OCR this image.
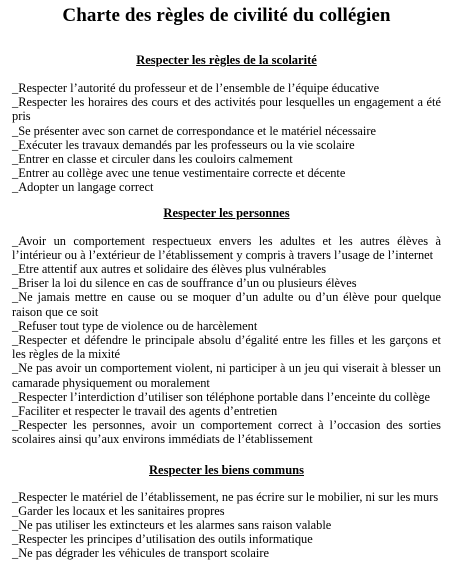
Charte des règles de civilité du collégien
Respecter les règles de la scolarité
_Respecter l’autorité du professeur et de l’ensemble de l’équipe éducative
_Respecter les horaires des cours et des activités pour lesquelles un engagement a été pris
_Se présenter avec son carnet de correspondance et le matériel nécessaire
_Exécuter les travaux demandés par les professeurs ou la vie scolaire
_Entrer en classe et circuler dans les couloirs calmement
_Entrer au collège avec une tenue vestimentaire correcte et décente
_Adopter un langage correct
Respecter les personnes
_Avoir un comportement respectueux envers les adultes et les autres élèves à l’intérieur ou à l’extérieur de l’établissement y compris à travers l’usage de l’internet
_Etre attentif aux autres et solidaire des élèves plus vulnérables
_Briser la loi du silence en cas de souffrance d’un ou plusieurs élèves
_Ne jamais mettre en cause ou se moquer d’un adulte ou d’un élève pour quelque raison que ce soit
_Refuser tout type de violence ou de harcèlement
_Respecter et défendre le principale absolu d’égalité entre les filles et les garçons et les règles de la mixité
_Ne pas avoir un comportement violent, ni participer à un jeu qui viserait à blesser un camarade physiquement ou moralement
_Respecter l’interdiction d’utiliser son téléphone portable dans l’enceinte du collège
_Faciliter et respecter le travail des agents d’entretien
_Respecter les personnes, avoir un comportement correct à l’occasion des sorties scolaires ainsi qu’aux environs immédiats de l’établissement
Respecter les biens communs
_Respecter le matériel de l’établissement, ne pas écrire sur le mobilier, ni sur les murs
_Garder les locaux et les sanitaires propres
_Ne pas utiliser les extincteurs et les alarmes sans raison valable
_Respecter les principes d’utilisation des outils informatique
_Ne pas dégrader les véhicules de transport scolaire
